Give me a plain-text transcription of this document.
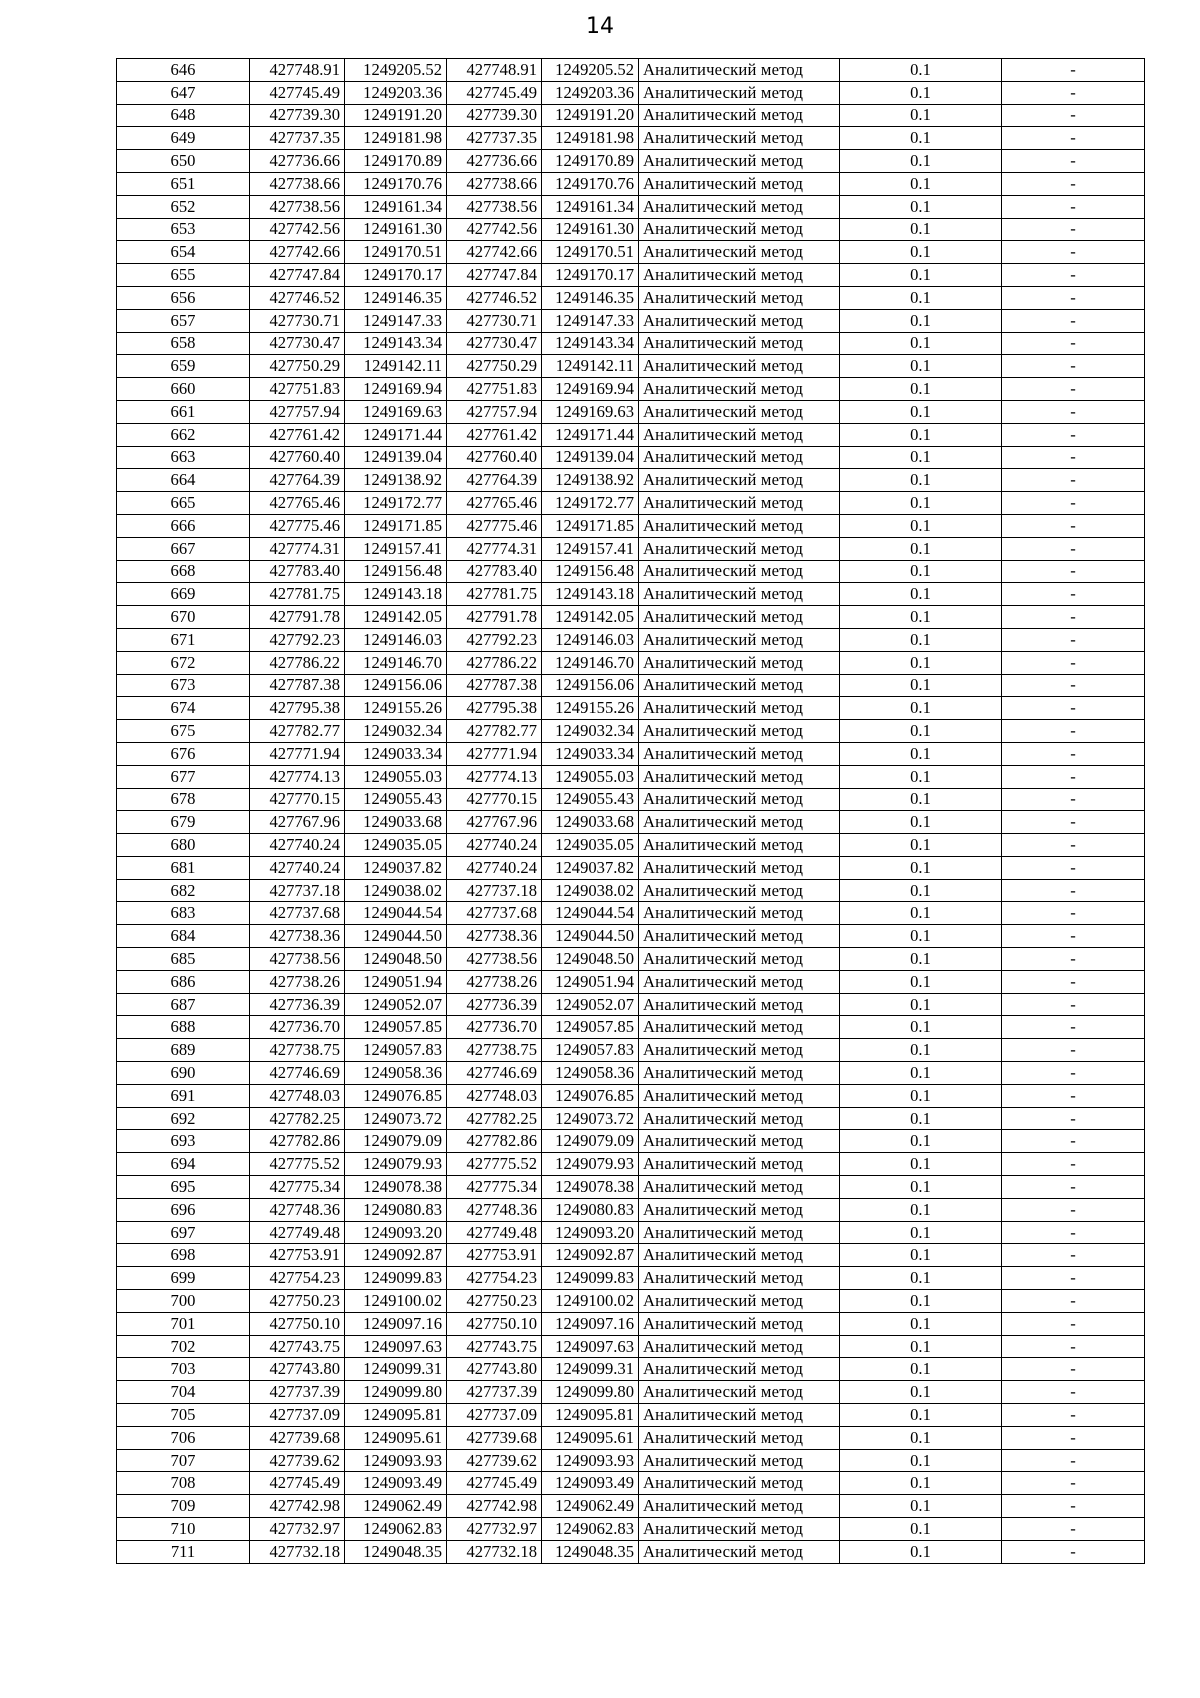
14
646	427748.91	1249205.52	427748.91	1249205.52	Аналитический метод	0.1	-
647	427745.49	1249203.36	427745.49	1249203.36	Аналитический метод	0.1	-
648	427739.30	1249191.20	427739.30	1249191.20	Аналитический метод	0.1	-
649	427737.35	1249181.98	427737.35	1249181.98	Аналитический метод	0.1	-
650	427736.66	1249170.89	427736.66	1249170.89	Аналитический метод	0.1	-
651	427738.66	1249170.76	427738.66	1249170.76	Аналитический метод	0.1	-
652	427738.56	1249161.34	427738.56	1249161.34	Аналитический метод	0.1	-
653	427742.56	1249161.30	427742.56	1249161.30	Аналитический метод	0.1	-
654	427742.66	1249170.51	427742.66	1249170.51	Аналитический метод	0.1	-
655	427747.84	1249170.17	427747.84	1249170.17	Аналитический метод	0.1	-
656	427746.52	1249146.35	427746.52	1249146.35	Аналитический метод	0.1	-
657	427730.71	1249147.33	427730.71	1249147.33	Аналитический метод	0.1	-
658	427730.47	1249143.34	427730.47	1249143.34	Аналитический метод	0.1	-
659	427750.29	1249142.11	427750.29	1249142.11	Аналитический метод	0.1	-
660	427751.83	1249169.94	427751.83	1249169.94	Аналитический метод	0.1	-
661	427757.94	1249169.63	427757.94	1249169.63	Аналитический метод	0.1	-
662	427761.42	1249171.44	427761.42	1249171.44	Аналитический метод	0.1	-
663	427760.40	1249139.04	427760.40	1249139.04	Аналитический метод	0.1	-
664	427764.39	1249138.92	427764.39	1249138.92	Аналитический метод	0.1	-
665	427765.46	1249172.77	427765.46	1249172.77	Аналитический метод	0.1	-
666	427775.46	1249171.85	427775.46	1249171.85	Аналитический метод	0.1	-
667	427774.31	1249157.41	427774.31	1249157.41	Аналитический метод	0.1	-
668	427783.40	1249156.48	427783.40	1249156.48	Аналитический метод	0.1	-
669	427781.75	1249143.18	427781.75	1249143.18	Аналитический метод	0.1	-
670	427791.78	1249142.05	427791.78	1249142.05	Аналитический метод	0.1	-
671	427792.23	1249146.03	427792.23	1249146.03	Аналитический метод	0.1	-
672	427786.22	1249146.70	427786.22	1249146.70	Аналитический метод	0.1	-
673	427787.38	1249156.06	427787.38	1249156.06	Аналитический метод	0.1	-
674	427795.38	1249155.26	427795.38	1249155.26	Аналитический метод	0.1	-
675	427782.77	1249032.34	427782.77	1249032.34	Аналитический метод	0.1	-
676	427771.94	1249033.34	427771.94	1249033.34	Аналитический метод	0.1	-
677	427774.13	1249055.03	427774.13	1249055.03	Аналитический метод	0.1	-
678	427770.15	1249055.43	427770.15	1249055.43	Аналитический метод	0.1	-
679	427767.96	1249033.68	427767.96	1249033.68	Аналитический метод	0.1	-
680	427740.24	1249035.05	427740.24	1249035.05	Аналитический метод	0.1	-
681	427740.24	1249037.82	427740.24	1249037.82	Аналитический метод	0.1	-
682	427737.18	1249038.02	427737.18	1249038.02	Аналитический метод	0.1	-
683	427737.68	1249044.54	427737.68	1249044.54	Аналитический метод	0.1	-
684	427738.36	1249044.50	427738.36	1249044.50	Аналитический метод	0.1	-
685	427738.56	1249048.50	427738.56	1249048.50	Аналитический метод	0.1	-
686	427738.26	1249051.94	427738.26	1249051.94	Аналитический метод	0.1	-
687	427736.39	1249052.07	427736.39	1249052.07	Аналитический метод	0.1	-
688	427736.70	1249057.85	427736.70	1249057.85	Аналитический метод	0.1	-
689	427738.75	1249057.83	427738.75	1249057.83	Аналитический метод	0.1	-
690	427746.69	1249058.36	427746.69	1249058.36	Аналитический метод	0.1	-
691	427748.03	1249076.85	427748.03	1249076.85	Аналитический метод	0.1	-
692	427782.25	1249073.72	427782.25	1249073.72	Аналитический метод	0.1	-
693	427782.86	1249079.09	427782.86	1249079.09	Аналитический метод	0.1	-
694	427775.52	1249079.93	427775.52	1249079.93	Аналитический метод	0.1	-
695	427775.34	1249078.38	427775.34	1249078.38	Аналитический метод	0.1	-
696	427748.36	1249080.83	427748.36	1249080.83	Аналитический метод	0.1	-
697	427749.48	1249093.20	427749.48	1249093.20	Аналитический метод	0.1	-
698	427753.91	1249092.87	427753.91	1249092.87	Аналитический метод	0.1	-
699	427754.23	1249099.83	427754.23	1249099.83	Аналитический метод	0.1	-
700	427750.23	1249100.02	427750.23	1249100.02	Аналитический метод	0.1	-
701	427750.10	1249097.16	427750.10	1249097.16	Аналитический метод	0.1	-
702	427743.75	1249097.63	427743.75	1249097.63	Аналитический метод	0.1	-
703	427743.80	1249099.31	427743.80	1249099.31	Аналитический метод	0.1	-
704	427737.39	1249099.80	427737.39	1249099.80	Аналитический метод	0.1	-
705	427737.09	1249095.81	427737.09	1249095.81	Аналитический метод	0.1	-
706	427739.68	1249095.61	427739.68	1249095.61	Аналитический метод	0.1	-
707	427739.62	1249093.93	427739.62	1249093.93	Аналитический метод	0.1	-
708	427745.49	1249093.49	427745.49	1249093.49	Аналитический метод	0.1	-
709	427742.98	1249062.49	427742.98	1249062.49	Аналитический метод	0.1	-
710	427732.97	1249062.83	427732.97	1249062.83	Аналитический метод	0.1	-
711	427732.18	1249048.35	427732.18	1249048.35	Аналитический метод	0.1	-
